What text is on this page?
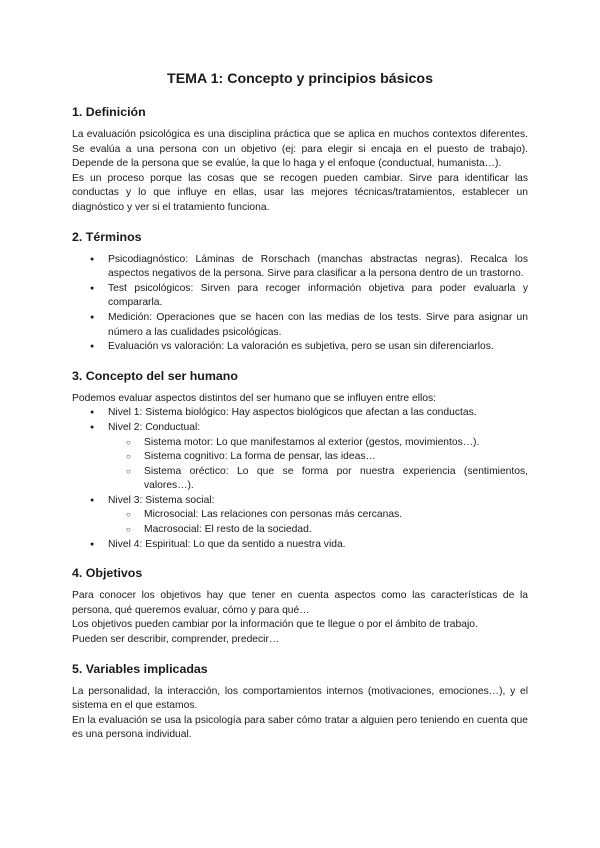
TEMA 1: Concepto y principios básicos
1. Definición

La evaluación psicológica es una disciplina práctica que se aplica en muchos contextos diferentes. Se evalúa a una persona con un objetivo (ej: para elegir si encaja en el puesto de trabajo). Depende de la persona que se evalúe, la que lo haga y el enfoque (conductual, humanista…).

Es un proceso porque las cosas que se recogen pueden cambiar. Sirve para identificar las conductas y lo que influye en ellas, usar las mejores técnicas/tratamientos, establecer un diagnóstico y ver si el tratamiento funciona.

2. Términos
● Psicodiagnóstico: Láminas de Rorschach (manchas abstractas negras). Recalca los aspectos negativos de la persona. Sirve para clasificar a la persona dentro de un trastorno.
● Test psicológicos: Sirven para recoger información objetiva para poder evaluarla y compararla.
● Medición: Operaciones que se hacen con las medias de los tests. Sirve para asignar un número a las cualidades psicológicas.
● Evaluación vs valoración: La valoración es subjetiva, pero se usan sin diferenciarlos.
3. Concepto del ser humano

Podemos evaluar aspectos distintos del ser humano que se influyen entre ellos:

● Nivel 1: Sistema biológico: Hay aspectos biológicos que afectan a las conductas.
● Nivel 2: Conductual:
○ Sistema motor: Lo que manifestamos al exterior (gestos, movimientos…).
○ Sistema cognitivo: La forma de pensar, las ideas…
○ Sistema oréctico: Lo que se forma por nuestra experiencia (sentimientos, valores…).
● Nivel 3: Sistema social:
○ Microsocial: Las relaciones con personas más cercanas.
○ Macrosocial: El resto de la sociedad.
● Nivel 4: Espiritual: Lo que da sentido a nuestra vida.
4. Objetivos

Para conocer los objetivos hay que tener en cuenta aspectos como las características de la persona, qué queremos evaluar, cómo y para qué…

Los objetivos pueden cambiar por la información que te llegue o por el ámbito de trabajo.

Pueden ser describir, comprender, predecir…

5. Variables implicadas

La personalidad, la interacción, los comportamientos internos (motivaciones, emociones…), y el sistema en el que estamos.

En la evaluación se usa la psicología para saber cómo tratar a alguien pero teniendo en cuenta que es una persona individual.
